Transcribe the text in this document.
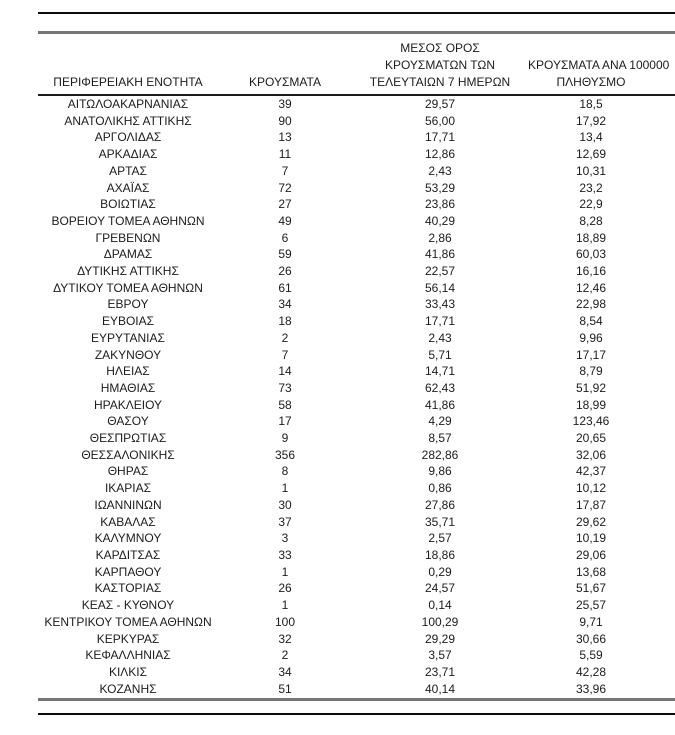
ΠΕΡΙΦΕΡΕΙΑΚΗ ΕΝΟΤΗΤΑ	ΚΡΟΥΣΜΑΤΑ	ΜΕΣΟΣ ΟΡΟΣ
ΚΡΟΥΣΜΑΤΩΝ ΤΩΝ
ΤΕΛΕΥΤΑΙΩΝ 7 ΗΜΕΡΩΝ	ΚΡΟΥΣΜΑΤΑ ΑΝΑ 100000
ΠΛΗΘΥΣΜΟ

ΑΙΤΩΛΟΑΚΑΡΝΑΝΙΑΣ	39	29,57	18,5
ΑΝΑΤΟΛΙΚΗΣ ΑΤΤΙΚΗΣ	90	56,00	17,92
ΑΡΓΟΛΙΔΑΣ	13	17,71	13,4
ΑΡΚΑΔΙΑΣ	11	12,86	12,69
ΑΡΤΑΣ	7	2,43	10,31
ΑΧΑΪΑΣ	72	53,29	23,2
ΒΟΙΩΤΙΑΣ	27	23,86	22,9
ΒΟΡΕΙΟΥ ΤΟΜΕΑ ΑΘΗΝΩΝ	49	40,29	8,28
ΓΡΕΒΕΝΩΝ	6	2,86	18,89
ΔΡΑΜΑΣ	59	41,86	60,03
ΔΥΤΙΚΗΣ ΑΤΤΙΚΗΣ	26	22,57	16,16
ΔΥΤΙΚΟΥ ΤΟΜΕΑ ΑΘΗΝΩΝ	61	56,14	12,46
ΕΒΡΟΥ	34	33,43	22,98
ΕΥΒΟΙΑΣ	18	17,71	8,54
ΕΥΡΥΤΑΝΙΑΣ	2	2,43	9,96
ΖΑΚΥΝΘΟΥ	7	5,71	17,17
ΗΛΕΙΑΣ	14	14,71	8,79
ΗΜΑΘΙΑΣ	73	62,43	51,92
ΗΡΑΚΛΕΙΟΥ	58	41,86	18,99
ΘΑΣΟΥ	17	4,29	123,46
ΘΕΣΠΡΩΤΙΑΣ	9	8,57	20,65
ΘΕΣΣΑΛΟΝΙΚΗΣ	356	282,86	32,06
ΘΗΡΑΣ	8	9,86	42,37
ΙΚΑΡΙΑΣ	1	0,86	10,12
ΙΩΑΝΝΙΝΩΝ	30	27,86	17,87
ΚΑΒΑΛΑΣ	37	35,71	29,62
ΚΑΛΥΜΝΟΥ	3	2,57	10,19
ΚΑΡΔΙΤΣΑΣ	33	18,86	29,06
ΚΑΡΠΑΘΟΥ	1	0,29	13,68
ΚΑΣΤΟΡΙΑΣ	26	24,57	51,67
ΚΕΑΣ - ΚΥΘΝΟΥ	1	0,14	25,57
ΚΕΝΤΡΙΚΟΥ ΤΟΜΕΑ ΑΘΗΝΩΝ	100	100,29	9,71
ΚΕΡΚΥΡΑΣ	32	29,29	30,66
ΚΕΦΑΛΛΗΝΙΑΣ	2	3,57	5,59
ΚΙΛΚΙΣ	34	23,71	42,28
ΚΟΖΑΝΗΣ	51	40,14	33,96
